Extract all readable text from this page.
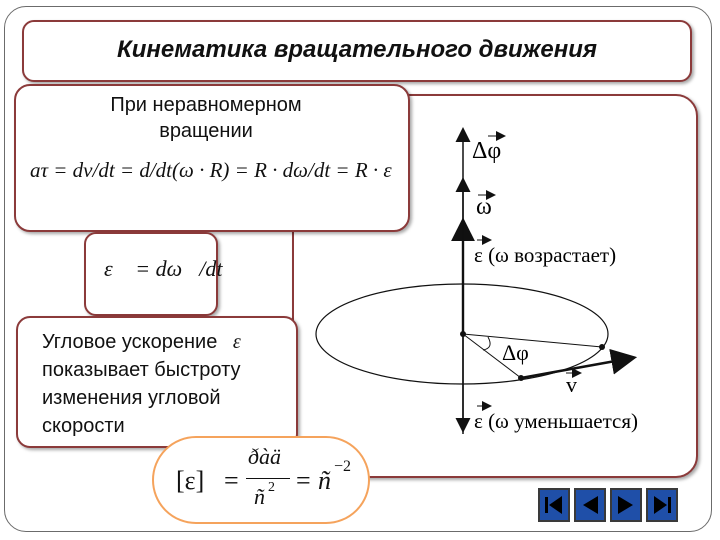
Кинематика вращательного движения
Δφ
ω
ε (ω возрастает)
Δφ
v
ε (ω уменьшается)
При неравномерном
вращении
aτ = dv/dt = d/dt(ω · R) = R · dω/dt = R · ε
ε⃗ = dω⃗/dt
Угловое ускорение ε⃗
показывает быстроту
изменения угловой
скорости
[ε] =
ðàä
ñ 2 = ñ −2
